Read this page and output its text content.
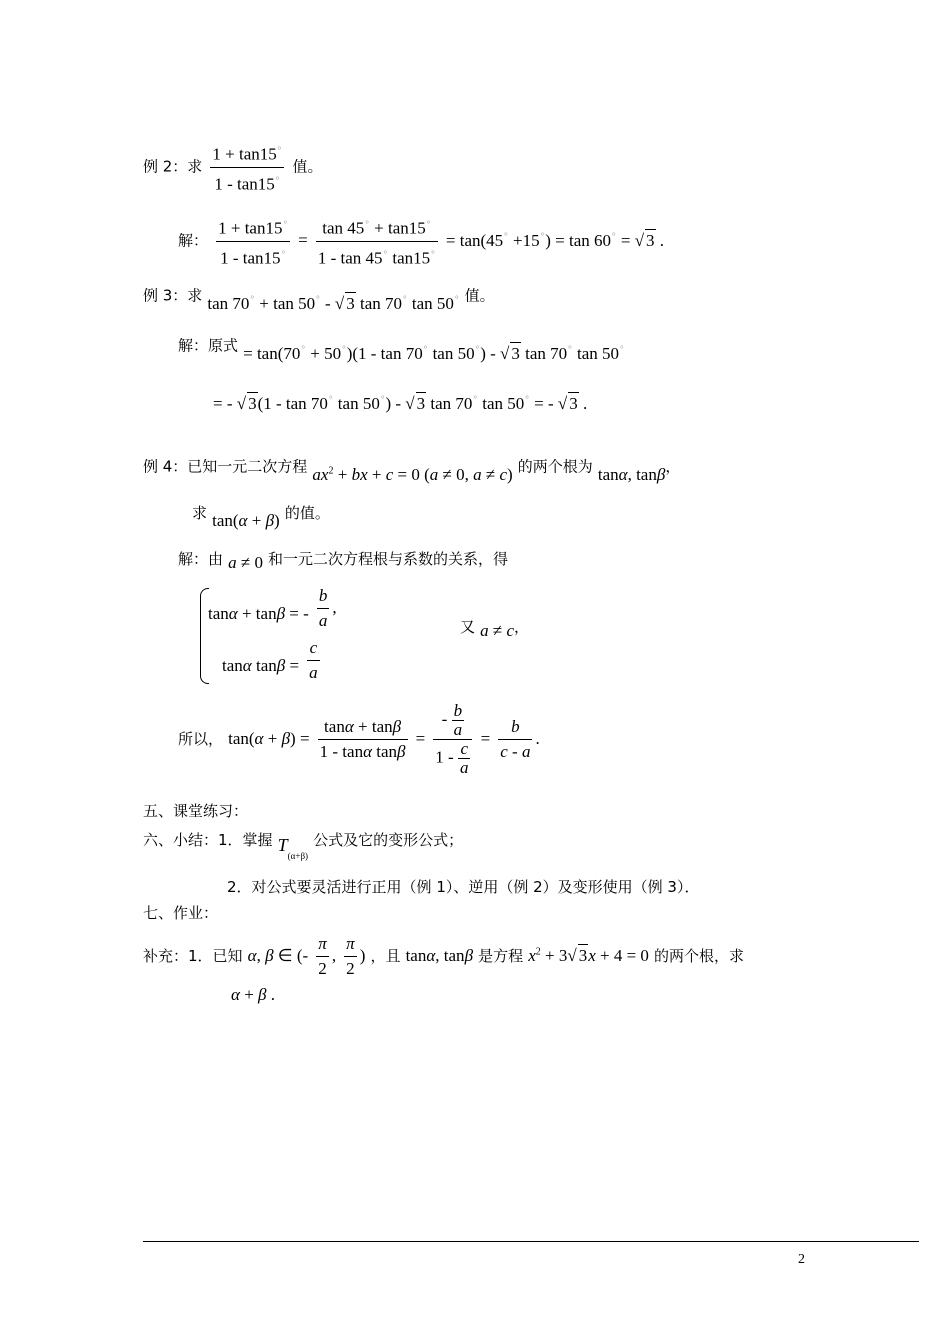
例 2：求 $\frac{1 + \tan 15^\circ}{1 - \tan 15^\circ}$ 值。
解： $\frac{1 + \tan 15^\circ}{1 - \tan 15^\circ} = \frac{\tan 45^\circ + \tan 15^\circ}{1 - \tan 45^\circ \tan 15^\circ} = \tan(45^\circ +15^\circ) = \tan 60^\circ$ = √ 3 .
例 3：求 tan 70° + tan 50° - √ 3 tan 70° tan 50° 值。
解：原式 = tan(70° + 50°)(1 - tan 70° tan 50°) - √ 3 tan 70° tan 50°
= - √ 3(1 - tan 70° tan 50°) - √ 3 tan 70° tan 50° = - √ 3 .
例 4：已知一元二次方程 $ax^2$ + bx + c = 0 (a ≠ 0, a ≠ c) 的两个根为 tanα, tanβ，
求 tan(α + β) 的值。
解：由 a ≠ 0 和一元二次方程根与系数的关系，得
tanα + tanβ = - $\frac{b}{a}$ ,
又 a ≠ c，
tanα $\tan\beta = \frac{c}{a}$
所以， $\tan(\alpha + \beta) = \frac{\tan\alpha + \tan\beta}{\text{1 - tanα tanβ}} = \frac{- \frac{b}{a}}{1 - \frac{c}{a}} = \frac{b}{c - a}$ .
五、课堂练习：
六、小结：1．掌握 $T_{(\alpha+\beta)}$ 公式及它的变形公式；
2．对公式要灵活进行正用（例 1）、逆用（例 2）及变形使用（例 3）．
七、作业：
补充：1．已知 α, β ∈ (- $\frac{\pi}{2}$ , $\frac{\pi}{2}$ ) ，且 tanα, tanβ 是方程 $x^2 + 3√$ 3x + 4 = 0 的两个根，求
α + β .
2
